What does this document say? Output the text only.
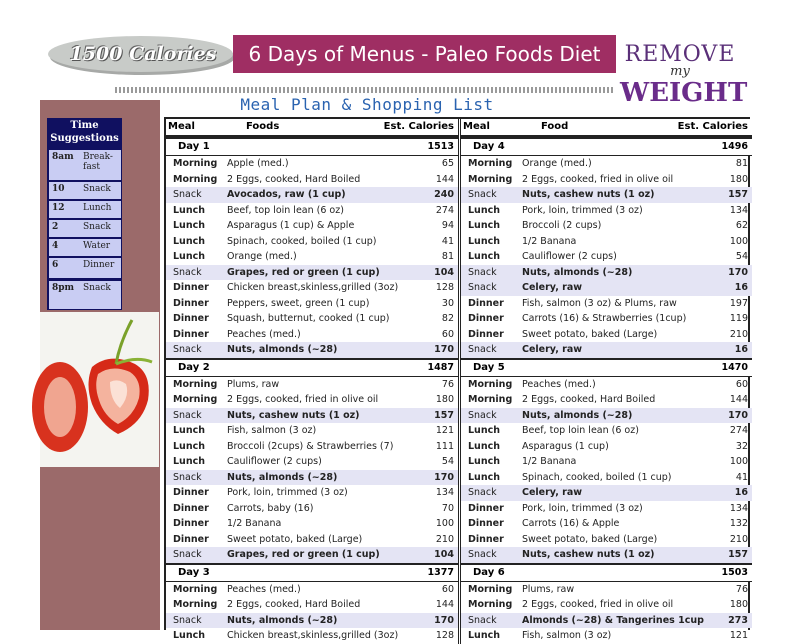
1500 Calories	6 Days of Menus - Paleo Foods Diet	REMOVE
my
WEIGHT
Meal Plan & Shopping List
Time Suggestions
8am Break-fast
10 Snack
12 Lunch
2	Snack
4	Water
6	Dinner
8pm Snack
Meal	Foods	Est. Calories
Day 1	1513
Morning Apple (med.)	65
Morning 2 Eggs, cooked, Hard Boiled	144
Snack	Avocados, raw (1 cup)	240
Lunch Beef, top loin lean (6 oz)	274
Lunch Asparagus (1 cup) & Apple	94
Lunch Spinach, cooked, boiled (1 cup)	41
Lunch Orange (med.)	81
Snack	Grapes, red or green (1 cup)	104
Dinner Chicken breast,skinless,grilled (3oz)	128
Dinner Peppers, sweet, green (1 cup)	30
Dinner Squash, butternut, cooked (1 cup)	82
Dinner Peaches (med.)	60
Snack	Nuts, almonds (~28)	170
Day 2	1487
Morning Plums, raw	76
Morning 2 Eggs, cooked, fried in olive oil	180
Snack	Nuts, cashew nuts (1 oz)	157
Lunch Fish, salmon (3 oz)	121
Lunch Broccoli (2cups) & Strawberries (7)	111
Lunch Cauliflower (2 cups)	54
Snack	Nuts, almonds (~28)	170
Dinner Pork, loin, trimmed (3 oz)	134
Dinner Carrots, baby (16)	70
Dinner 1/2 Banana	100
Dinner Sweet potato, baked (Large)	210
Snack	Grapes, red or green (1 cup)	104
Day 3	1377
Morning Peaches (med.)	60
Morning 2 Eggs, cooked, Hard Boiled	144
Snack	Nuts, almonds (~28)	170
Lunch Chicken breast,skinless,grilled (3oz)	128
Meal	Food	Est. Calories
Day 4	1496
Morning Orange (med.)	81
Morning 2 Eggs, cooked, fried in olive oil	180
Snack	Nuts, cashew nuts (1 oz)	157
Lunch Pork, loin, trimmed (3 oz)	134
Lunch Broccoli (2 cups)	62
Lunch 1/2 Banana	100
Lunch Cauliflower (2 cups)	54
Snack	Nuts, almonds (~28)	170
Snack	Celery, raw	16
Dinner Fish, salmon (3 oz) & Plums, raw	197
Dinner Carrots (16) & Strawberries (1cup)	119
Dinner Sweet potato, baked (Large)	210
Snack	Celery, raw	16
Day 5	1470
Morning Peaches (med.)	60
Morning 2 Eggs, cooked, Hard Boiled	144
Snack	Nuts, almonds (~28)	170
Lunch Beef, top loin lean (6 oz)	274
Lunch Asparagus (1 cup)	32
Lunch 1/2 Banana	100
Lunch Spinach, cooked, boiled (1 cup)	41
Snack	Celery, raw	16
Dinner Pork, loin, trimmed (3 oz)	134
Dinner Carrots (16) & Apple	132
Dinner Sweet potato, baked (Large)	210
Snack	Nuts, cashew nuts (1 oz)	157
Day 6	1503
Morning Plums, raw	76
Morning 2 Eggs, cooked, fried in olive oil	180
Snack	Almonds (~28) & Tangerines 1cup	273
Lunch Fish, salmon (3 oz)	121
